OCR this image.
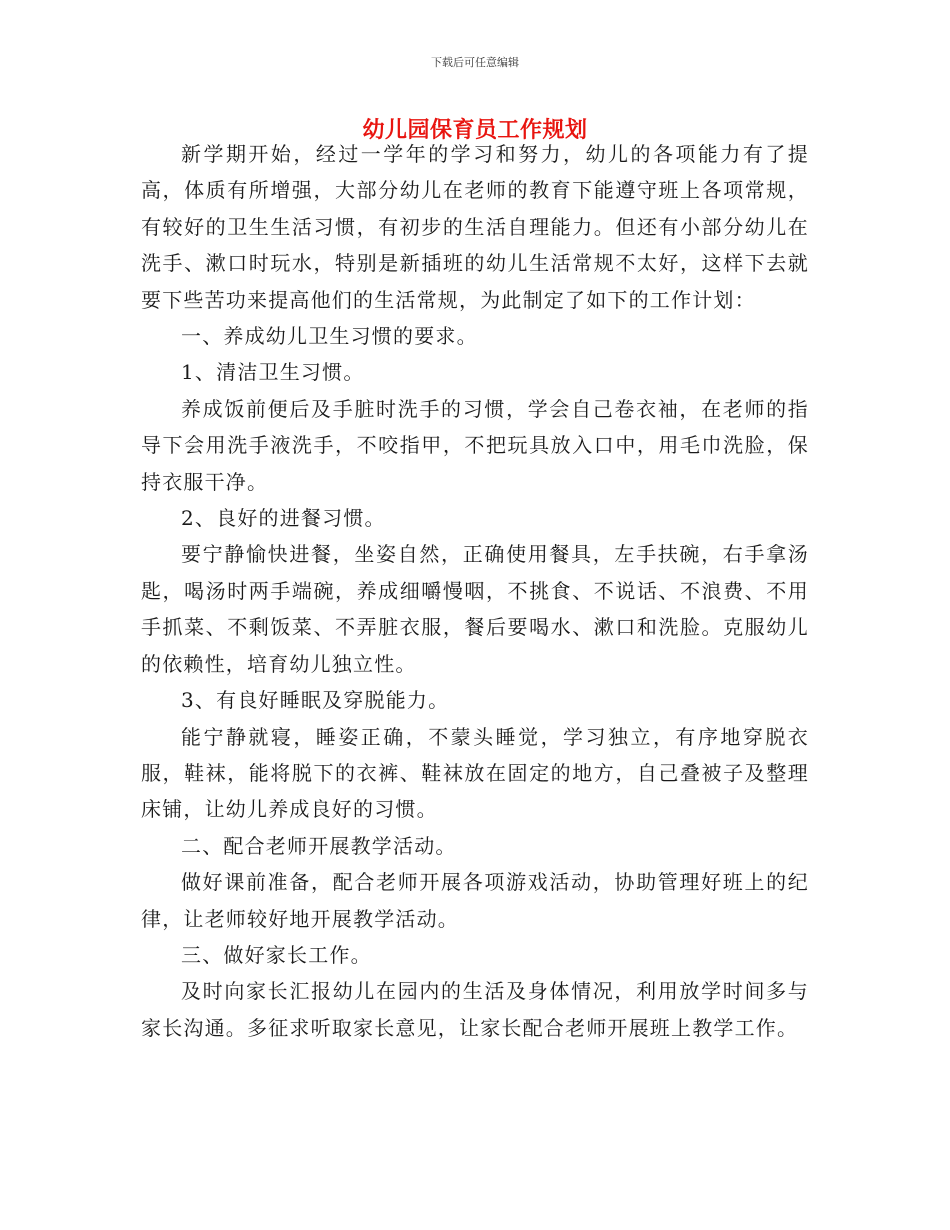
下载后可任意编辑
幼儿园保育员工作规划

新学期开始，经过一学年的学习和努力，幼儿的各项能力有了提高，体质有所增强，大部分幼儿在老师的教育下能遵守班上各项常规，有较好的卫生生活习惯，有初步的生活自理能力。但还有小部分幼儿在洗手、漱口时玩水，特别是新插班的幼儿生活常规不太好，这样下去就要下些苦功来提高他们的生活常规，为此制定了如下的工作计划：

一、养成幼儿卫生习惯的要求。

1、清洁卫生习惯。

养成饭前便后及手脏时洗手的习惯，学会自己卷衣袖，在老师的指导下会用洗手液洗手，不咬指甲，不把玩具放入口中，用毛巾洗脸，保持衣服干净。

2、良好的进餐习惯。

要宁静愉快进餐，坐姿自然，正确使用餐具，左手扶碗，右手拿汤匙，喝汤时两手端碗，养成细嚼慢咽，不挑食、不说话、不浪费、不用手抓菜、不剩饭菜、不弄脏衣服，餐后要喝水、漱口和洗脸。克服幼儿的依赖性，培育幼儿独立性。

3、有良好睡眠及穿脱能力。

能宁静就寝，睡姿正确，不蒙头睡觉，学习独立，有序地穿脱衣服，鞋袜，能将脱下的衣裤、鞋袜放在固定的地方，自己叠被子及整理床铺，让幼儿养成良好的习惯。

二、配合老师开展教学活动。

做好课前准备，配合老师开展各项游戏活动，协助管理好班上的纪律，让老师较好地开展教学活动。

三、做好家长工作。

及时向家长汇报幼儿在园内的生活及身体情况，利用放学时间多与家长沟通。多征求听取家长意见，让家长配合老师开展班上教学工作。
